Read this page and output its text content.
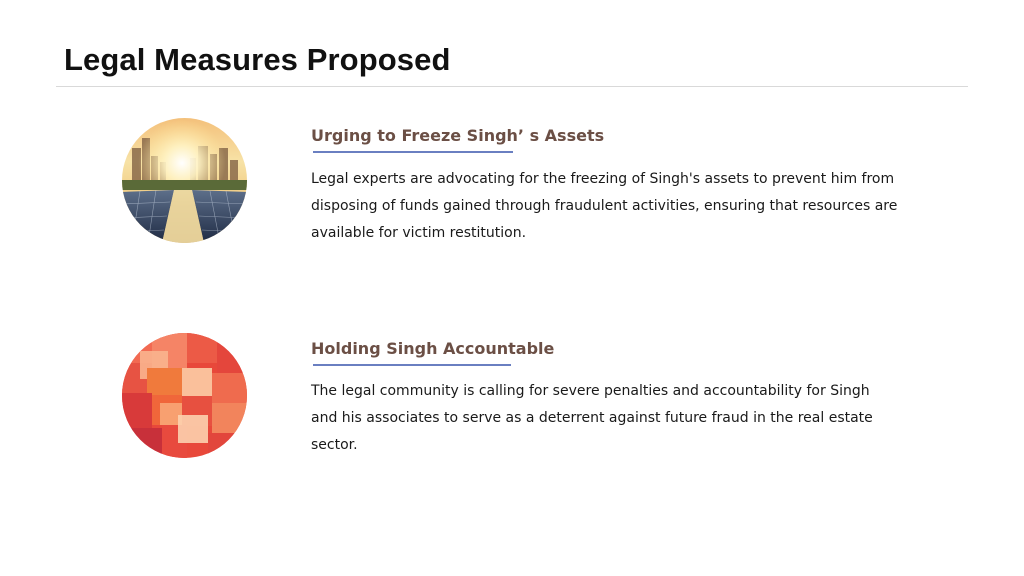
Legal Measures Proposed
Urging to Freeze Singh’ s Assets
Legal experts are advocating for the freezing of Singh's assets to prevent him from disposing of funds gained through fraudulent activities, ensuring that resources are available for victim restitution.
Holding Singh Accountable
The legal community is calling for severe penalties and accountability for Singh and his associates to serve as a deterrent against future fraud in the real estate sector.
